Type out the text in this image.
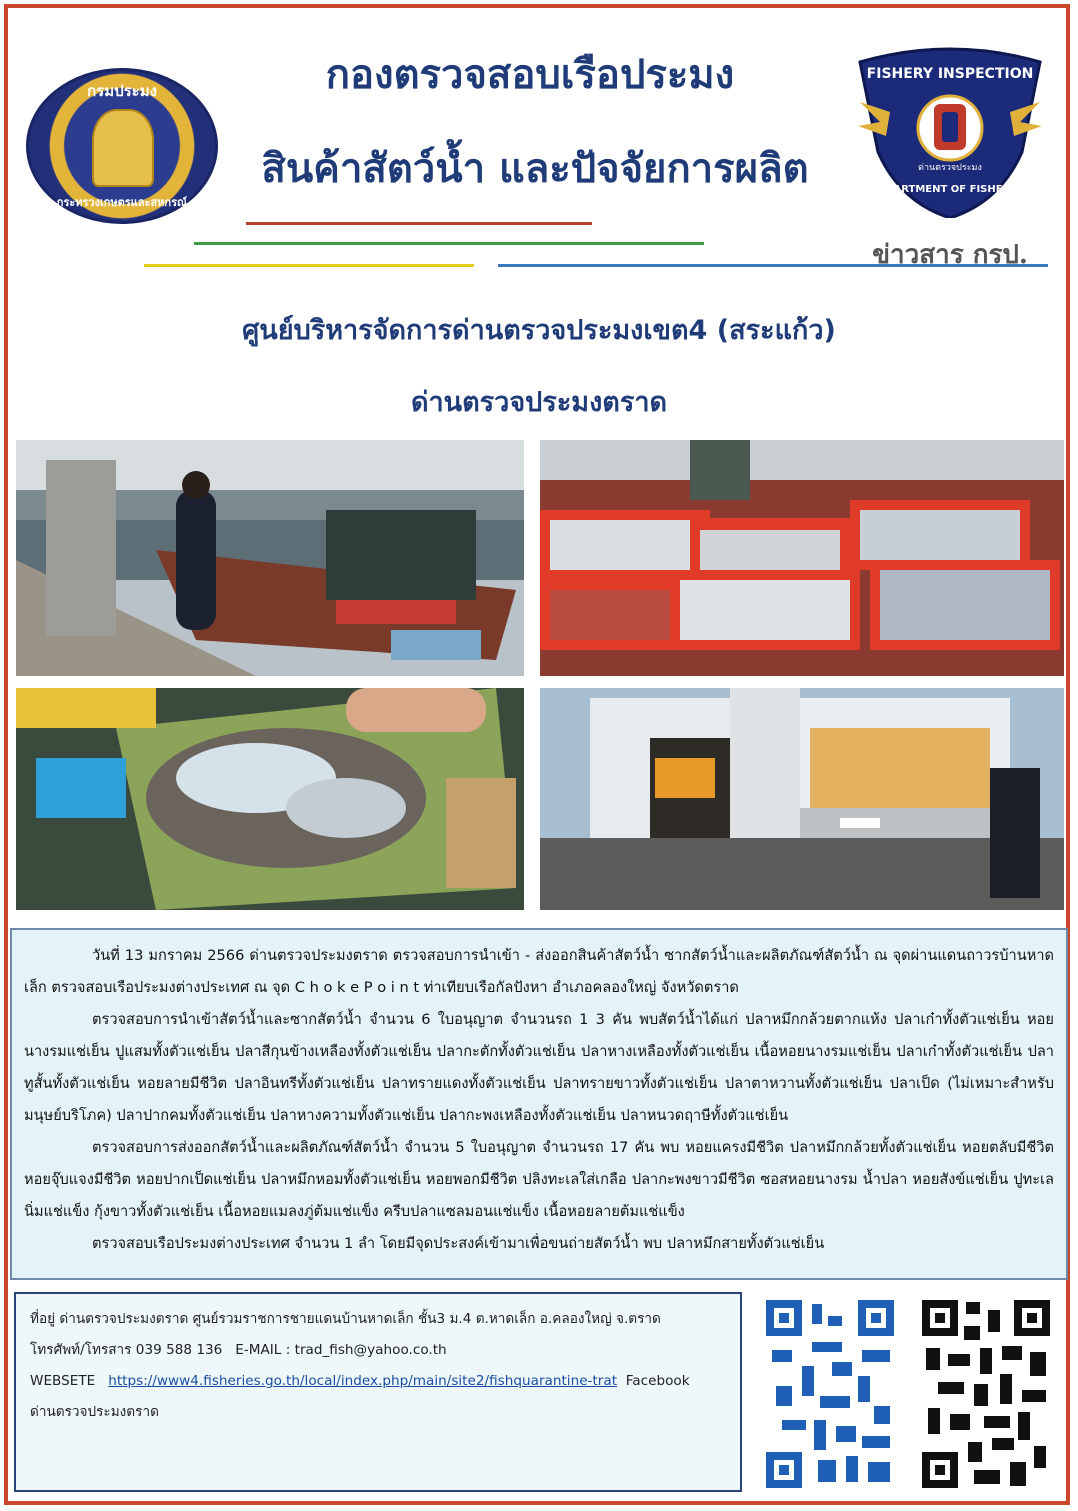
กรมประมง
กระทรวงเกษตรและสหกรณ์
กองตรวจสอบเรือประมง
สินค้าสัตว์น้ำ และปัจจัยการผลิต
FISHERY INSPECTION
ด่านตรวจประมง
DEPARTMENT OF FISHERIES
ข่าวสาร กรป.
ศูนย์บริหารจัดการด่านตรวจประมงเขต4 (สระแก้ว)
ด่านตรวจประมงตราด

วันที่ 13 มกราคม 2566 ด่านตรวจประมงตราด ตรวจสอบการนำเข้า - ส่งออกสินค้าสัตว์น้ำ ซากสัตว์น้ำและผลิตภัณฑ์สัตว์น้ำ ณ จุดผ่านแดนถาวรบ้านหาดเล็ก ตรวจสอบเรือประมงต่างประเทศ ณ จุด C h o k e P o i n t ท่าเทียบเรือกัลปังหา อำเภอคลองใหญ่ จังหวัดตราด

ตรวจสอบการนำเข้าสัตว์น้ำและซากสัตว์น้ำ จำนวน 6 ใบอนุญาต จำนวนรถ 1 3 คัน พบสัตว์น้ำได้แก่ ปลาหมึกกล้วยตากแห้ง ปลาเก๋าทั้งตัวแช่เย็น หอยนางรมแช่เย็น ปูแสมทั้งตัวแช่เย็น ปลาสีกุนข้างเหลืองทั้งตัวแช่เย็น ปลากะตักทั้งตัวแช่เย็น ปลาหางเหลืองทั้งตัวแช่เย็น เนื้อหอยนางรมแช่เย็น ปลาเก๋าทั้งตัวแช่เย็น ปลาทูสั้นทั้งตัวแช่เย็น หอยลายมีชีวิต ปลาอินทรีทั้งตัวแช่เย็น ปลาทรายแดงทั้งตัวแช่เย็น ปลาทรายขาวทั้งตัวแช่เย็น ปลาตาหวานทั้งตัวแช่เย็น ปลาเป็ด (ไม่เหมาะสำหรับมนุษย์บริโภค) ปลาปากคมทั้งตัวแช่เย็น ปลาหางความทั้งตัวแช่เย็น ปลากะพงเหลืองทั้งตัวแช่เย็น ปลาหนวดฤาษีทั้งตัวแช่เย็น

ตรวจสอบการส่งออกสัตว์น้ำและผลิตภัณฑ์สัตว์น้ำ จำนวน 5 ใบอนุญาต จำนวนรถ 17 คัน พบ หอยแครงมีชีวิต ปลาหมึกกล้วยทั้งตัวแช่เย็น หอยตลับมีชีวิต หอยจุ๊บแจงมีชีวิต หอยปากเป็ดแช่เย็น ปลาหมึกหอมทั้งตัวแช่เย็น หอยพอกมีชีวิต ปลิงทะเลใส่เกลือ ปลากะพงขาวมีชีวิต ซอสหอยนางรม น้ำปลา หอยสังข์แช่เย็น ปูทะเลนิ่มแช่แข็ง กุ้งขาวทั้งตัวแช่เย็น เนื้อหอยแมลงภู่ต้มแช่แข็ง ครีบปลาแซลมอนแช่แข็ง เนื้อหอยลายต้มแช่แข็ง

ตรวจสอบเรือประมงต่างประเทศ จำนวน 1 ลำ โดยมีจุดประสงค์เข้ามาเพื่อขนถ่ายสัตว์น้ำ พบ ปลาหมึกสายทั้งตัวแช่เย็น

ที่อยู่ ด่านตรวจประมงตราด ศูนย์รวมราชการชายแดนบ้านหาดเล็ก ชั้น3 ม.4 ต.หาดเล็ก อ.คลองใหญ่ จ.ตราด
โทรศัพท์/โทรสาร 039 588 136 E-MAIL : trad_fish@yahoo.co.th
WEBSETE https://www4.fisheries.go.th/local/index.php/main/site2/fishquarantine-trat Facebook
ด่านตรวจประมงตราด
